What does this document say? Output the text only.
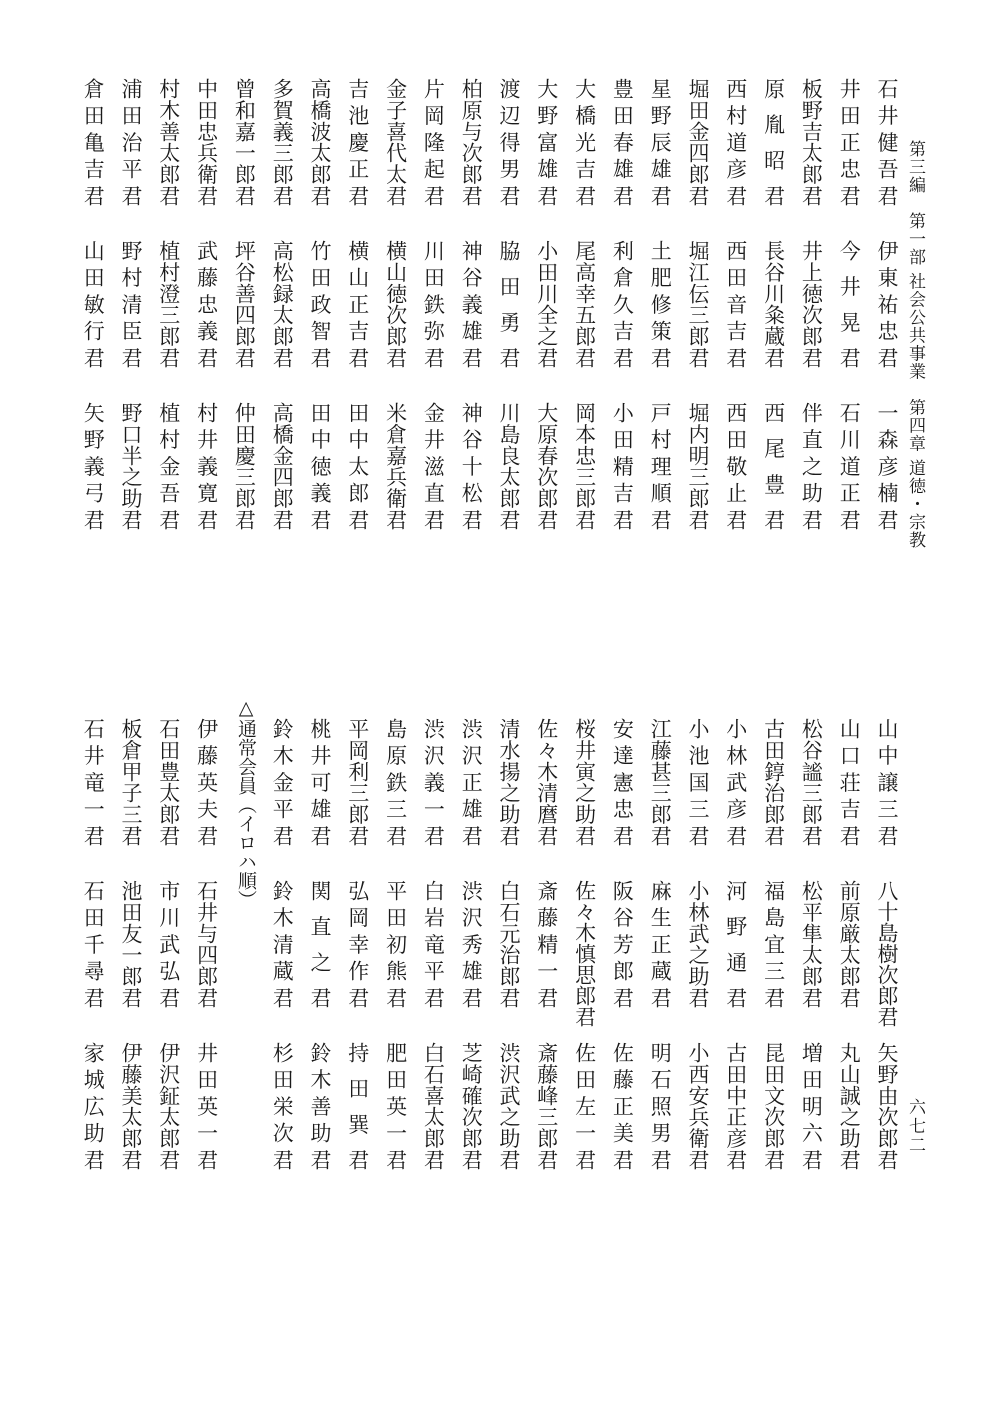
第三編　第一部 社会公共事業　第四章 道徳・宗教
六七二
△通常会員（イロハ順）
石井健吾君
伊東祐忠君
一森彦楠君
井田正忠君
今井晃君
石川道正君
板野吉太郎君
井上徳次郎君
伴直之助君
原胤昭君
長谷川粂蔵君
西尾豊君
西村道彦君
西田音吉君
西田敬止君
堀田金四郎君
堀江伝三郎君
堀内明三郎君
星野辰雄君
土肥修策君
戸村理順君
豊田春雄君
利倉久吉君
小田精吉君
大橋光吉君
尾高幸五郎君
岡本忠三郎君
大野富雄君
小田川全之君
大原春次郎君
渡辺得男君
脇田勇君
川島良太郎君
柏原与次郎君
神谷義雄君
神谷十松君
片岡隆起君
川田鉄弥君
金井滋直君
金子喜代太君
横山徳次郎君
米倉嘉兵衛君
吉池慶正君
横山正吉君
田中太郎君
高橋波太郎君
竹田政智君
田中徳義君
多賀義三郎君
高松録太郎君
高橋金四郎君
曾和嘉一郎君
坪谷善四郎君
仲田慶三郎君
中田忠兵衛君
武藤忠義君
村井義寛君
村木善太郎君
植村澄三郎君
植村金吾君
浦田治平君
野村清臣君
野口半之助君
倉田亀吉君
山田敏行君
矢野義弓君
山中譲三君
八十島樹次郎君
矢野由次郎君
山口荘吉君
前原厳太郎君
丸山誠之助君
松谷謐三郎君
松平隼太郎君
増田明六君
古田錞治郎君
福島宜三君
昆田文次郎君
小林武彦君
河野通君
古田中正彦君
小池国三君
小林武之助君
小西安兵衛君
江藤甚三郎君
麻生正蔵君
明石照男君
安達憲忠君
阪谷芳郎君
佐藤正美君
桜井寅之助君
佐々木慎思郎君
佐田左一君
佐々木清麿君
斎藤精一君
斎藤峰三郎君
清水揚之助君
白石元治郎君
渋沢武之助君
渋沢正雄君
渋沢秀雄君
芝崎確次郎君
渋沢義一君
白岩竜平君
白石喜太郎君
島原鉄三君
平田初熊君
肥田英一君
平岡利三郎君
弘岡幸作君
持田巽君
桃井可雄君
関直之君
鈴木善助君
鈴木金平君
鈴木清蔵君
杉田栄次君
伊藤英夫君
石井与四郎君
井田英一君
石田豊太郎君
市川武弘君
伊沢鉦太郎君
板倉甲子三君
池田友一郎君
伊藤美太郎君
石井竜一君
石田千尋君
家城広助君
